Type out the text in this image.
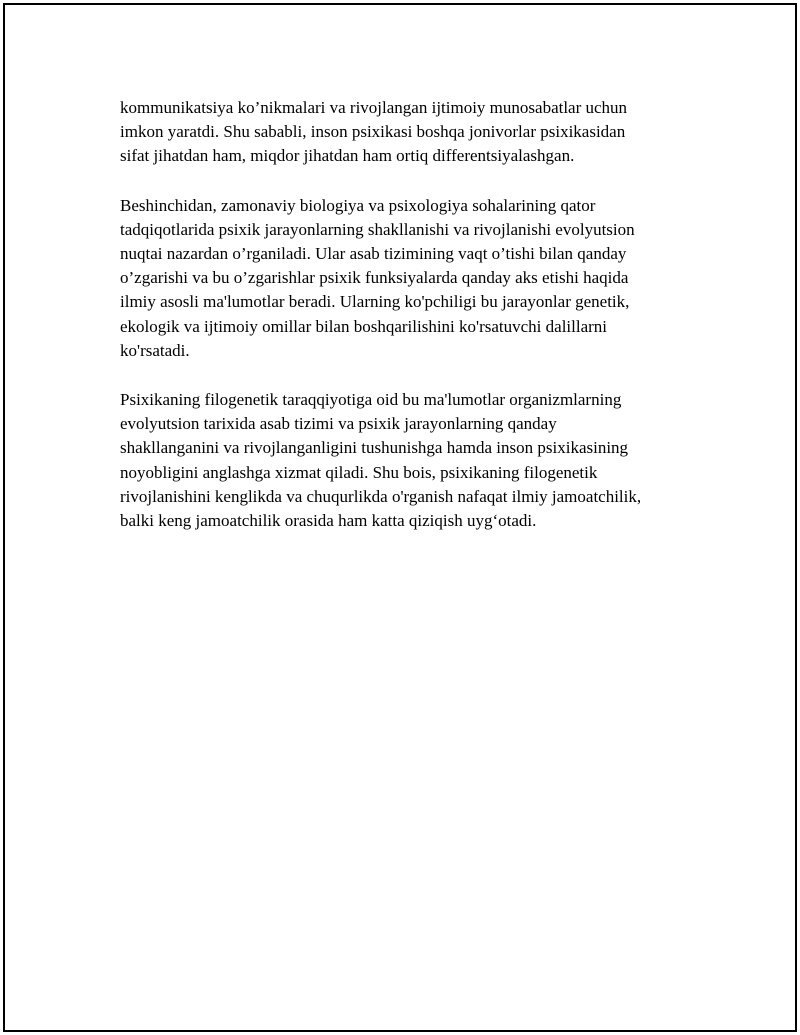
kommunikatsiya ko’nikmalari va rivojlangan ijtimoiy munosabatlar uchun
imkon yaratdi. Shu sababli, inson psixikasi boshqa jonivorlar psixikasidan
sifat jihatdan ham, miqdor jihatdan ham ortiq differentsiyalashgan.

Beshinchidan, zamonaviy biologiya va psixologiya sohalarining qator
tadqiqotlarida psixik jarayonlarning shakllanishi va rivojlanishi evolyutsion
nuqtai nazardan o’rganiladi. Ular asab tizimining vaqt o’tishi bilan qanday
o’zgarishi va bu o’zgarishlar psixik funksiyalarda qanday aks etishi haqida
ilmiy asosli ma'lumotlar beradi. Ularning ko'pchiligi bu jarayonlar genetik,
ekologik va ijtimoiy omillar bilan boshqarilishini ko'rsatuvchi dalillarni
ko'rsatadi.

Psixikaning filogenetik taraqqiyotiga oid bu ma'lumotlar organizmlarning
evolyutsion tarixida asab tizimi va psixik jarayonlarning qanday
shakllanganini va rivojlanganligini tushunishga hamda inson psixikasining
noyobligini anglashga xizmat qiladi. Shu bois, psixikaning filogenetik
rivojlanishini kenglikda va chuqurlikda o'rganish nafaqat ilmiy jamoatchilik,
balki keng jamoatchilik orasida ham katta qiziqish uyg‘otadi.
